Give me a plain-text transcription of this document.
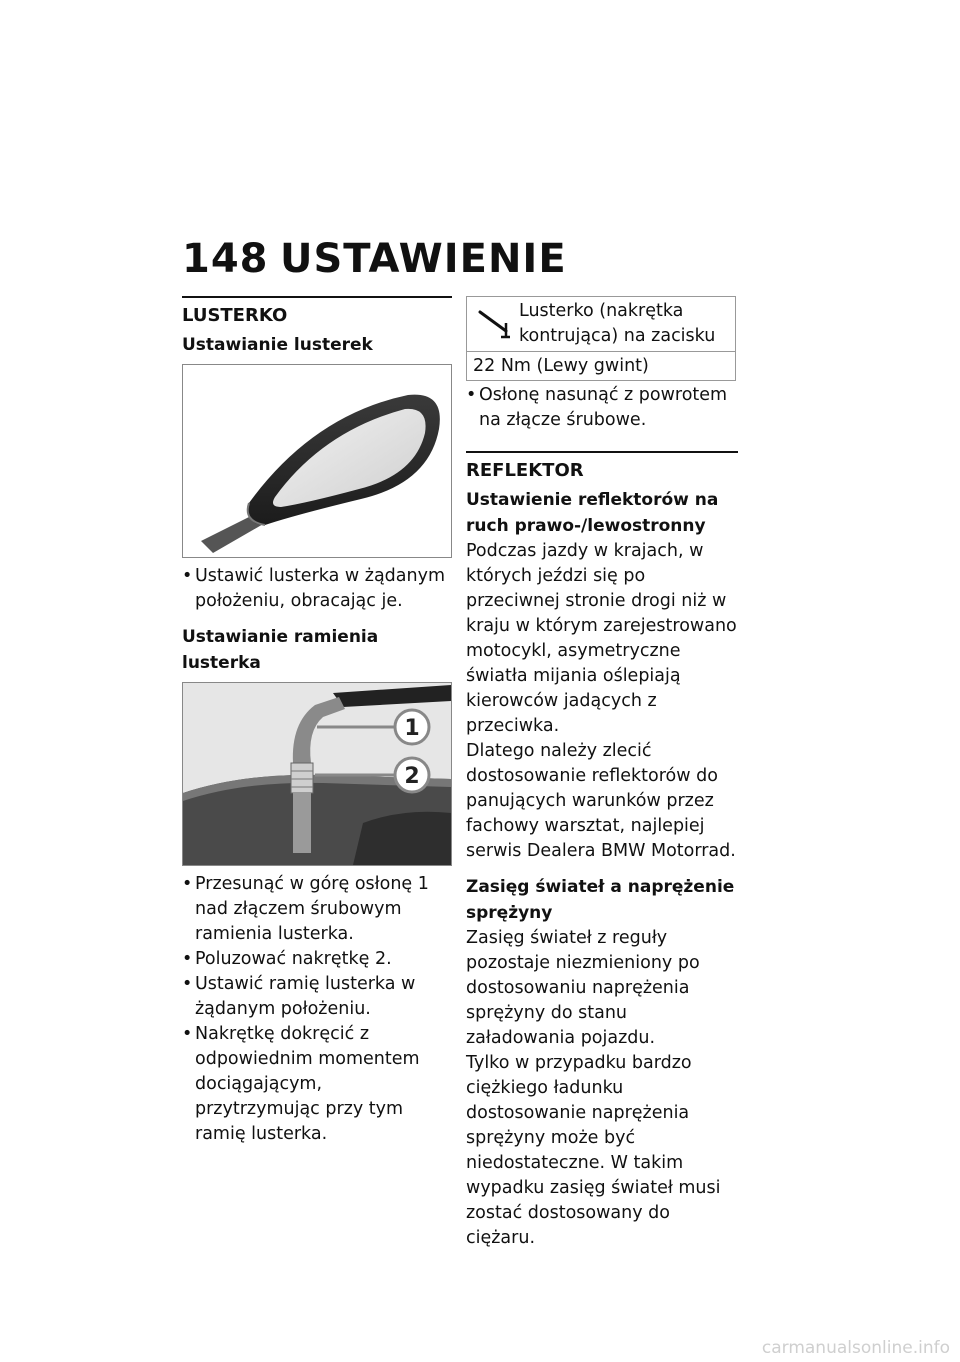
148 USTAWIENIE
LUSTERKO
Ustawianie lusterek
• Ustawić lusterka w żądanym położeniu, obracając je.
Ustawianie ramienia lusterka
1
2
• Przesunąć w górę osłonę 1 nad złączem śrubowym ramienia lusterka.
• Poluzować nakrętkę 2.
• Ustawić ramię lusterka w żądanym położeniu.
• Nakrętkę dokręcić z odpowiednim momentem dociągającym, przytrzymując przy tym ramię lusterka.
Lusterko (nakrętka kontrująca) na zacisku
22 Nm (Lewy gwint)
• Osłonę nasunąć z powrotem na złącze śrubowe.
REFLEKTOR
Ustawienie reflektorów na ruch prawo-/lewostronny

Podczas jazdy w krajach, w których jeździ się po przeciwnej stronie drogi niż w kraju w którym zarejestrowano motocykl, asymetryczne światła mijania oślepiają kierowców jadących z przeciwka.

Dlatego należy zlecić dostosowanie reflektorów do panujących warunków przez fachowy warsztat, najlepiej serwis Dealera BMW Motorrad.

Zasięg świateł a naprężenie sprężyny

Zasięg świateł z reguły pozostaje niezmieniony po dostosowaniu naprężenia sprężyny do stanu załadowania pojazdu.

Tylko w przypadku bardzo ciężkiego ładunku dostosowanie naprężenia sprężyny może być niedostateczne. W takim wypadku zasięg świateł musi zostać dostosowany do ciężaru.

carmanualsonline.info
